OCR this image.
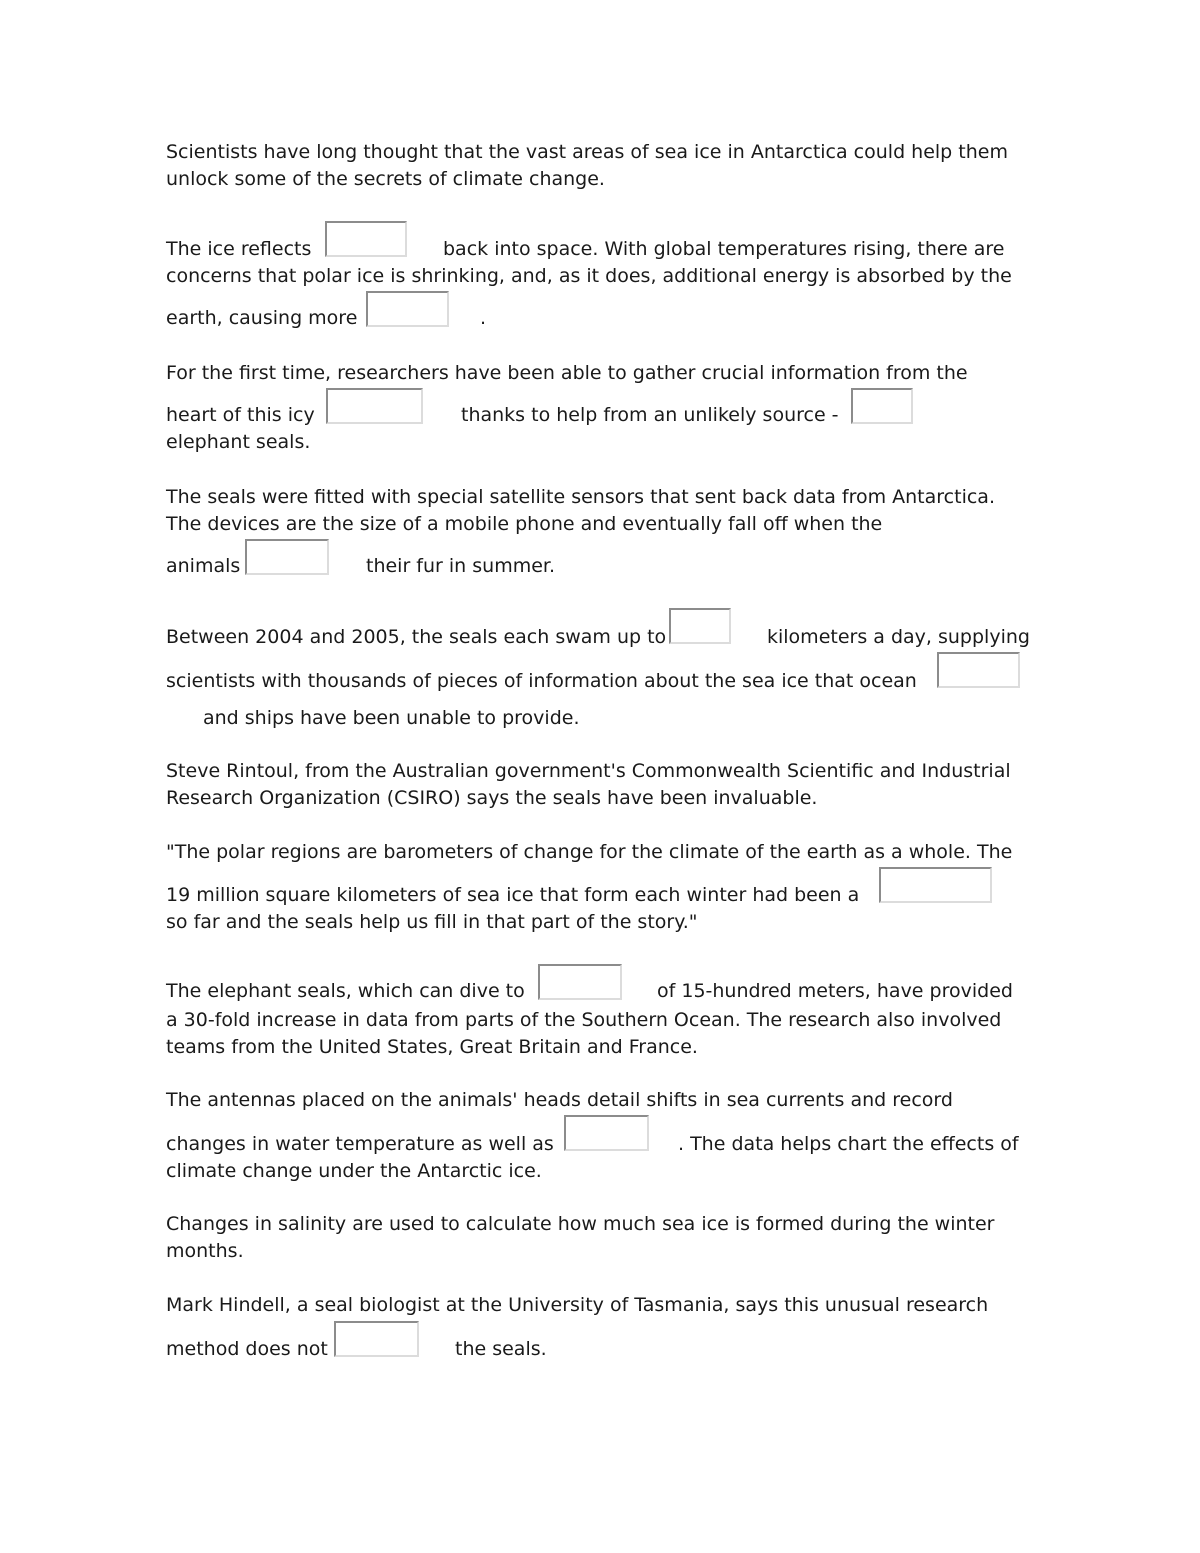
Scientists have long thought that the vast areas of sea ice in Antarctica could help them
unlock some of the secrets of climate change.
The ice reflects	back into space. With global temperatures rising, there are
concerns that polar ice is shrinking, and, as it does, additional energy is absorbed by the
earth, causing more	.
For the first time, researchers have been able to gather crucial information from the
heart of this icy	thanks to help from an unlikely source -
elephant seals.
The seals were fitted with special satellite sensors that sent back data from Antarctica.
The devices are the size of a mobile phone and eventually fall off when the
animals	their fur in summer.
Between 2004 and 2005, the seals each swam up to	kilometers a day, supplying
scientists with thousands of pieces of information about the sea ice that ocean
and ships have been unable to provide.
Steve Rintoul, from the Australian government's Commonwealth Scientific and Industrial
Research Organization (CSIRO) says the seals have been invaluable.
"The polar regions are barometers of change for the climate of the earth as a whole. The
19 million square kilometers of sea ice that form each winter had been a
so far and the seals help us fill in that part of the story."
The elephant seals, which can dive to	of 15-hundred meters, have provided
a 30-fold increase in data from parts of the Southern Ocean. The research also involved
teams from the United States, Great Britain and France.
The antennas placed on the animals' heads detail shifts in sea currents and record
changes in water temperature as well as	. The data helps chart the effects of
climate change under the Antarctic ice.
Changes in salinity are used to calculate how much sea ice is formed during the winter
months.
Mark Hindell, a seal biologist at the University of Tasmania, says this unusual research
method does not	the seals.
